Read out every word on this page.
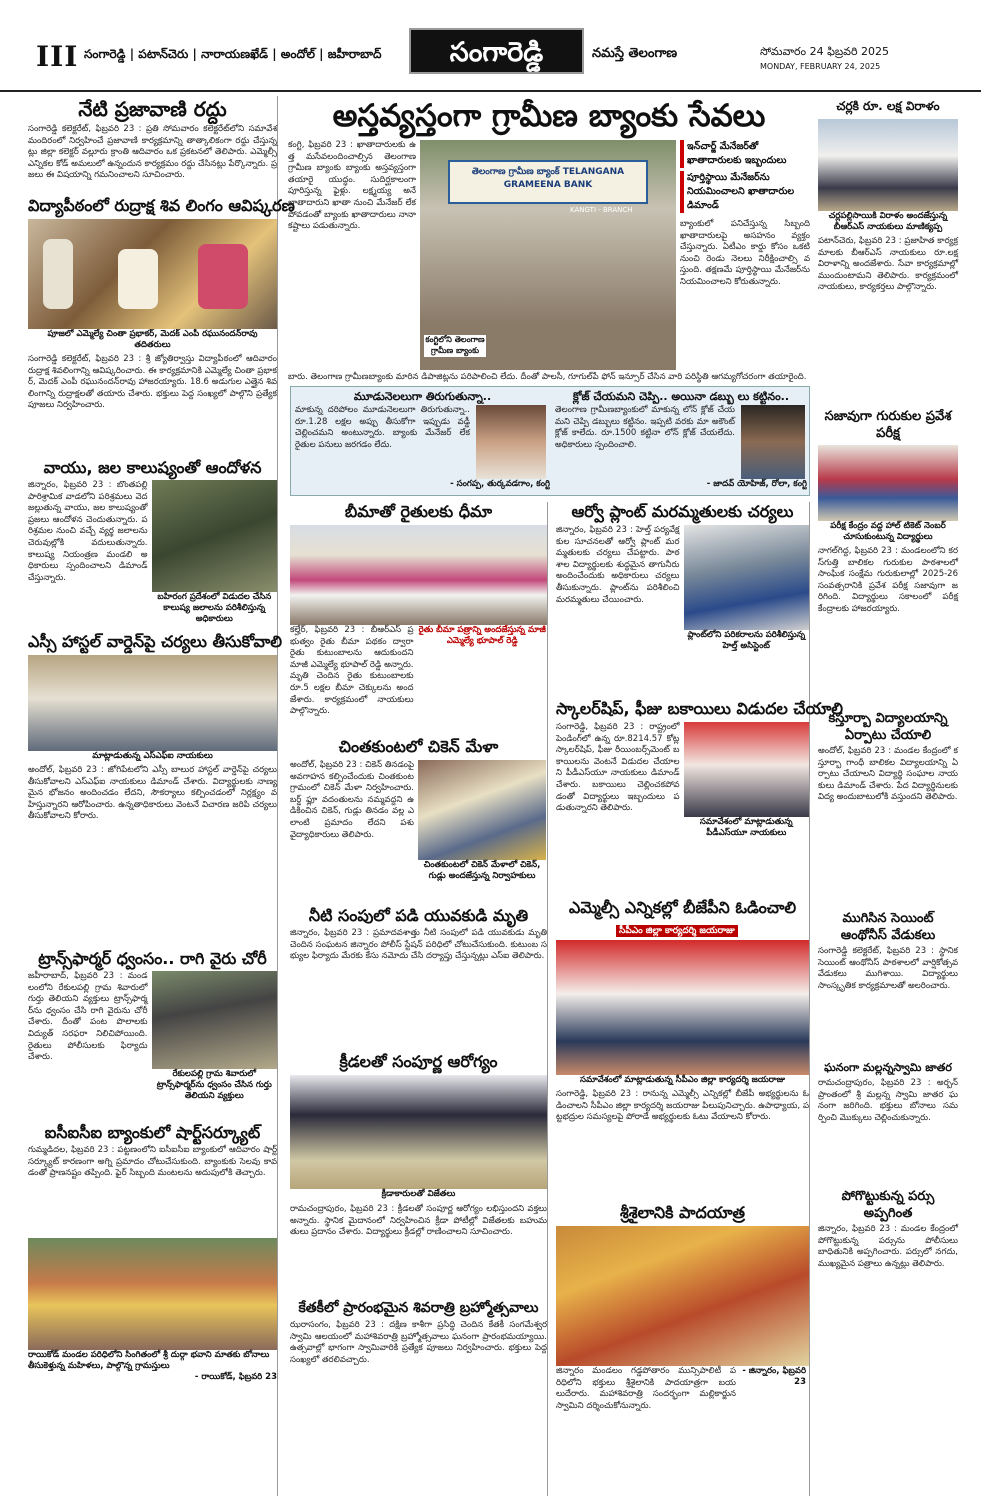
III సంగారెడ్డి | పటాన్‌చెరు | నారాయణఖేడ్ | అందోల్ | జహీరాబాద్	సంగారెడ్డి	నమస్తే తెలంగాణ	సోమవారం 24 ఫిబ్రవరి 2025
MONDAY, FEBRUARY 24, 2025
నేటి ప్రజావాణి రద్దు
సంగారెడ్డి కలెక్టరేట్, ఫిబ్రవరి 23 : ప్రతి సోమవారం కలెక్టరేట్‌లోని సమావేశ మందిరంలో నిర్వహించే ప్రజావాణి కార్యక్రమాన్ని తాత్కాలికంగా రద్దు చేస్తున్నట్లు జిల్లా కలెక్టర్ వల్లూరు క్రాంతి ఆదివారం ఒక ప్రకటనలో తెలిపారు. ఎమ్మెల్సీ ఎన్నికల కోడ్ అమలులో ఉన్నందున కార్యక్రమం రద్దు చేసినట్లు పేర్కొన్నారు. ప్రజలు ఈ విషయాన్ని గమనించాలని సూచించారు.
విద్యాపీఠంలో రుద్రాక్ష శివ లింగం ఆవిష్కరణ
పూజలో ఎమ్మెల్యే చింతా ప్రభాకర్, మెదక్ ఎంపీ రఘునందన్‌రావు తదితరులు
సంగారెడ్డి కలెక్టరేట్, ఫిబ్రవరి 23 : శ్రీ జ్యోతిర్వాస్తు విద్యాపీఠంలో ఆదివారం రుద్రాక్ష శివలింగాన్ని ఆవిష్కరించారు. ఈ కార్యక్రమానికి ఎమ్మెల్యే చింతా ప్రభాకర్, మెదక్ ఎంపీ రఘునందన్‌రావు హాజరయ్యారు. 18.6 అడుగుల ఎత్తైన శివలింగాన్ని రుద్రాక్షలతో తయారు చేశారు. భక్తులు పెద్ద సంఖ్యలో పాల్గొని ప్రత్యేక పూజలు నిర్వహించారు.
వాయు, జల కాలుష్యంతో ఆందోళన
జిన్నారం, ఫిబ్రవరి 23 : బొంతపల్లి పారిశ్రామిక వాడలోని పరిశ్రమలు వెదజల్లుతున్న వాయు, జల కాలుష్యంతో ప్రజలు ఆందోళన చెందుతున్నారు. పరిశ్రమల నుంచి వచ్చే వ్యర్థ జలాలను చెరువుల్లోకి వదులుతున్నారు. కాలుష్య నియంత్రణ మండలి అధికారులు స్పందించాలని డిమాండ్ చేస్తున్నారు.
బహిరంగ ప్రదేశంలో విడుదల చేసిన కాలుష్య జలాలను పరిశీలిస్తున్న అధికారులు
ఎస్సీ హాస్టల్ వార్డెన్‌పై చర్యలు తీసుకోవాలి
మాట్లాడుతున్న ఎస్ఎఫ్ఐ నాయకులు
అందోల్, ఫిబ్రవరి 23 : జోగిపేటలోని ఎస్సీ బాలుర హాస్టల్ వార్డెన్‌పై చర్యలు తీసుకోవాలని ఎస్ఎఫ్ఐ నాయకులు డిమాండ్ చేశారు. విద్యార్థులకు నాణ్యమైన భోజనం అందించడం లేదని, సౌకర్యాలు కల్పించడంలో నిర్లక్ష్యం వహిస్తున్నారని ఆరోపించారు. ఉన్నతాధికారులు వెంటనే విచారణ జరిపి చర్యలు తీసుకోవాలని కోరారు.
ట్రాన్స్‌ఫార్మర్ ధ్వంసం.. రాగి వైరు చోరీ
జహీరాబాద్, ఫిబ్రవరి 23 : మండలంలోని రేకులపల్లి గ్రామ శివారులో గుర్తు తెలియని వ్యక్తులు ట్రాన్స్‌ఫార్మర్‌ను ధ్వంసం చేసి రాగి వైరును చోరీ చేశారు. దీంతో పంట పొలాలకు విద్యుత్ సరఫరా నిలిచిపోయింది. రైతులు పోలీసులకు ఫిర్యాదు చేశారు.
రేకులపల్లి గ్రామ శివారులో ట్రాన్స్‌ఫార్మర్‌ను ధ్వంసం చేసిన గుర్తు తెలియని వ్యక్తులు
ఐసీఐసీఐ బ్యాంకులో షార్ట్‌సర్క్యూట్
గుమ్మడిదల, ఫిబ్రవరి 23 : పట్టణంలోని ఐసీఐసీఐ బ్యాంకులో ఆదివారం షార్ట్ సర్క్యూట్ కారణంగా అగ్ని ప్రమాదం చోటుచేసుకుంది. బ్యాంకుకు సెలవు కావడంతో ప్రాణనష్టం తప్పింది. ఫైర్ సిబ్బంది మంటలను అదుపులోకి తెచ్చారు.
రాయికోడ్ మండల పరిధిలోని సింగితంలో శ్రీ దుర్గా భవాని మాతకు బోనాలు తీసుకెళ్తున్న మహిళలు, పాల్గొన్న గ్రామస్తులు
- రాయికోడ్, ఫిబ్రవరి 23
అస్తవ్యస్తంగా గ్రామీణ బ్యాంకు సేవలు
కంగ్టి, ఫిబ్రవరి 23 : ఖాతాదారులకు ఉత్త మసేవలందించాల్సిన తెలంగాణ గ్రామీణ బ్యాంకు బ్యాంకు అస్తవ్యస్తంగా తయారై యుద్ధం. సుదిర్ఘకాలంగా పూరిస్తున్న ఫైళ్లు. లక్ష్మయ్య అనే ఖాతాదారుని ఖాతా నుంచి మేనేజర్ లేక పోవడంతో బ్యాంకు ఖాతాదారులు నానా కష్టాలు పడుతున్నారు.
తెలంగాణ గ్రామీణ బ్యాంక్ TELANGANA GRAMEENA BANK
KANGTI - BRANCH
కంగ్టిలోని తెలంగాణ గ్రామీణ బ్యాంకు
ఇన్‌చార్జ్ మేనేజర్‌తో ఖాతాదారులకు ఇబ్బందులు
పూర్తిస్థాయి మేనేజర్‌ను నియమించాలని ఖాతాదారుల డిమాండ్
బ్యాంకులో పనిచేస్తున్న సిబ్బంది ఖాతాదారులపై అసహనం వ్యక్తం చేస్తున్నారు. ఏటీఎం కార్డు కోసం ఒకటి నుంచి రెండు నెలలు నిరీక్షించాల్సి వస్తుంది. తక్షణమే పూర్తిస్థాయి మేనేజర్‌ను నియమించాలని కోరుతున్నారు.
బారు. తెలంగాణ గ్రామీణబ్యాంకు మారిన డిపాజిట్లను పరిపాలించి లేదు. దీంతో పాలసీ, గూగుల్‌పే ఫోన్‌ ఇన్సూర్ చేసిన వారి పరిస్థితి ఆగమ్యగోచరంగా తయారైంది.
మూడునెలలుగా తిరుగుతున్నా..
మాకున్న దరిపోలం మూడునెలలుగా తిరుగుతున్నా.. రూ.1.28 లక్షల అప్పు తీసుకోగా ఇప్పుడు వడ్డీ చెల్లించమని అంటున్నారు. బ్యాంకు మేనేజర్ లేక రైతుల పనులు జరగడం లేదు.
- సంగప్ప, తుర్కవడగాం, కంగ్టి
క్లోజ్ చేయమని చెప్పి.. అయినా డబ్బు లు కట్టినం..
తెలంగాణ గ్రామీణబ్యాంకులో మాకున్న లోన్ క్లోజ్ చేయమని చెప్పి డబ్బులు కట్టినం. ఇప్పటి వరకు మా అకౌంట్ క్లోజ్ కాలేదు. రూ.1500 కట్టినా లోన్ క్లోజ్ చేయలేదు. అధికారులు స్పందించాలి.
- జాదవ్ యోహిజ్, రోలా, కంగ్టి
బీమాతో రైతులకు ధీమా
కల్హేర్, ఫిబ్రవరి 23 : బీఆర్ఎస్ ప్రభుత్వం రైతు బీమా పథకం ద్వారా రైతు కుటుంబాలను ఆదుకుందని మాజీ ఎమ్మెల్యే భూపాల్ రెడ్డి అన్నారు. మృతి చెందిన రైతు కుటుంబాలకు రూ.5 లక్షల బీమా చెక్కులను అందజేశారు. కార్యక్రమంలో నాయకులు పాల్గొన్నారు.
రైతు బీమా పత్రాన్ని అందజేస్తున్న మాజీ ఎమ్మెల్యే భూపాల్ రెడ్డి
చింతకుంటలో చికెన్ మేళా
అందోల్, ఫిబ్రవరి 23 : చికెన్ తినడంపై అవగాహన కల్పించేందుకు చింతకుంట గ్రామంలో చికెన్ మేళా నిర్వహించారు. బర్డ్ ఫ్లూ వదంతులను నమ్మవద్దని ఉడికించిన చికెన్, గుడ్లు తినడం వల్ల ఎలాంటి ప్రమాదం లేదని పశు వైద్యాధికారులు తెలిపారు.
చింతకుంటలో చికెన్ మేళాలో చికెన్, గుడ్లు అందజేస్తున్న నిర్వాహకులు
నీటి సంపులో పడి యువకుడి మృతి
జిన్నారం, ఫిబ్రవరి 23 : ప్రమాదవశాత్తు నీటి సంపులో పడి యువకుడు మృతి చెందిన సంఘటన జిన్నారం పోలీస్ స్టేషన్ పరిధిలో చోటుచేసుకుంది. కుటుంబ సభ్యుల ఫిర్యాదు మేరకు కేసు నమోదు చేసి దర్యాప్తు చేస్తున్నట్లు ఎస్ఐ తెలిపారు.
క్రీడలతో సంపూర్ణ ఆరోగ్యం
క్రీడాకారులతో విజేతలు
రామచంద్రాపురం, ఫిబ్రవరి 23 : క్రీడలతో సంపూర్ణ ఆరోగ్యం లభిస్తుందని వక్తలు అన్నారు. స్థానిక మైదానంలో నిర్వహించిన క్రీడా పోటీల్లో విజేతలకు బహుమతులు ప్రదానం చేశారు. విద్యార్థులు క్రీడల్లో రాణించాలని సూచించారు.
కేతకీలో ప్రారంభమైన శివరాత్రి బ్రహ్మోత్సవాలు
ఝరాసంగం, ఫిబ్రవరి 23 : దక్షిణ కాశీగా ప్రసిద్ధి చెందిన కేతకీ సంగమేశ్వర స్వామి ఆలయంలో మహాశివరాత్రి బ్రహ్మోత్సవాలు ఘనంగా ప్రారంభమయ్యాయి. ఉత్సవాల్లో భాగంగా స్వామివారికి ప్రత్యేక పూజలు నిర్వహించారు. భక్తులు పెద్ద సంఖ్యలో తరలివచ్చారు.
ఆర్వో ప్లాంట్ మరమ్మతులకు చర్యలు
జిన్నారం, ఫిబ్రవరి 23 : హెల్త్ పర్యవేక్షకుల సూచనలతో ఆర్వో ప్లాంట్ మరమ్మతులకు చర్యలు చేపట్టారు. పాఠశాల విద్యార్థులకు శుద్ధమైన తాగునీరు అందించేందుకు అధికారులు చర్యలు తీసుకున్నారు. ప్లాంట్‌ను పరిశీలించి మరమ్మతులు చేయించారు.
ప్లాంట్‌లోని పరికరాలను పరిశీలిస్తున్న హెల్త్ అసిస్టెంట్
స్కాలర్‌షిప్, ఫీజు బకాయిలు విడుదల చేయాలి
సంగారెడ్డి, ఫిబ్రవరి 23 : రాష్ట్రంలో పెండింగ్‌లో ఉన్న రూ.8214.57 కోట్ల స్కాలర్‌షిప్, ఫీజు రీయింబర్స్‌మెంట్ బకాయిలను వెంటనే విడుదల చేయాలని పీడీఎస్‌యూ నాయకులు డిమాండ్ చేశారు. బకాయిలు చెల్లించకపోవడంతో విద్యార్థులు ఇబ్బందులు పడుతున్నారని తెలిపారు.
సమావేశంలో మాట్లాడుతున్న పీడీఎస్‌యూ నాయకులు
ఎమ్మెల్సీ ఎన్నికల్లో బీజేపీని ఓడించాలి
సీపీఎం జిల్లా కార్యదర్శి జయరాజు
సమావేశంలో మాట్లాడుతున్న సీపీఎం జిల్లా కార్యదర్శి జయరాజు
సంగారెడ్డి, ఫిబ్రవరి 23 : రానున్న ఎమ్మెల్సీ ఎన్నికల్లో బీజేపీ అభ్యర్థులను ఓడించాలని సీపీఎం జిల్లా కార్యదర్శి జయరాజు పిలుపునిచ్చారు. ఉపాధ్యాయ, పట్టభద్రుల సమస్యలపై పోరాడే అభ్యర్థులకు ఓటు వేయాలని కోరారు.
శ్రీశైలానికి పాదయాత్ర
జిన్నారం మండలం గడ్డపోతారం మున్సిపాలిటీ పరిధిలోని భక్తులు శ్రీశైలానికి పాదయాత్రగా బయలుదేరారు. మహాశివరాత్రి సందర్భంగా మల్లికార్జున స్వామిని దర్శించుకోనున్నారు.
- జిన్నారం, ఫిబ్రవరి 23
చర్లకి రూ. లక్ష విరాళం
చర్లపల్లిసాయికి విరాళం అందజేస్తున్న బీఆర్ఎస్ నాయకులు మాణిక్యప్ప
పటాన్‌చెరు, ఫిబ్రవరి 23 : ప్రజాహిత కార్యక్రమాలకు బీఆర్ఎస్ నాయకులు రూ.లక్ష విరాళాన్ని అందజేశారు. సేవా కార్యక్రమాల్లో ముందుంటామని తెలిపారు. కార్యక్రమంలో నాయకులు, కార్యకర్తలు పాల్గొన్నారు.
సజావుగా గురుకుల ప్రవేశ పరీక్ష
పరీక్ష కేంద్రం వద్ద హాల్ టికెట్ నెంబర్ చూసుకుంటున్న విద్యార్థులు
నాగల్‌గిద్ద, ఫిబ్రవరి 23 : మండలంలోని కరస్‌గుత్తి బాలికల గురుకుల పాఠశాలలో సాంఘిక సంక్షేమ గురుకులాల్లో 2025-26 సంవత్సరానికి ప్రవేశ పరీక్ష సజావుగా జరిగింది. విద్యార్థులు సకాలంలో పరీక్ష కేంద్రాలకు హాజరయ్యారు.
కస్తూర్బా విద్యాలయాన్ని ఏర్పాటు చేయాలి
అందోల్, ఫిబ్రవరి 23 : మండల కేంద్రంలో కస్తూర్బా గాంధీ బాలికల విద్యాలయాన్ని ఏర్పాటు చేయాలని విద్యార్థి సంఘాల నాయకులు డిమాండ్ చేశారు. పేద విద్యార్థినులకు విద్య అందుబాటులోకి వస్తుందని తెలిపారు.
ముగిసిన సెయింట్ ఆంథోనీస్ వేడుకలు
సంగారెడ్డి కలెక్టరేట్, ఫిబ్రవరి 23 : స్థానిక సెయింట్ ఆంథోనీస్ పాఠశాలలో వార్షికోత్సవ వేడుకలు ముగిశాయి. విద్యార్థులు సాంస్కృతిక కార్యక్రమాలతో అలరించారు.
ఘనంగా మల్లన్నస్వామి జాతర
రామచంద్రాపురం, ఫిబ్రవరి 23 : అర్బన్ ప్రాంతంలో శ్రీ మల్లన్న స్వామి జాతర ఘనంగా జరిగింది. భక్తులు బోనాలు సమర్పించి మొక్కులు చెల్లించుకున్నారు.
పోగొట్టుకున్న పర్సు అప్పగింత
జిన్నారం, ఫిబ్రవరి 23 : మండల కేంద్రంలో పోగొట్టుకున్న పర్సును పోలీసులు బాధితునికి అప్పగించారు. పర్సులో నగదు, ముఖ్యమైన పత్రాలు ఉన్నట్లు తెలిపారు.
